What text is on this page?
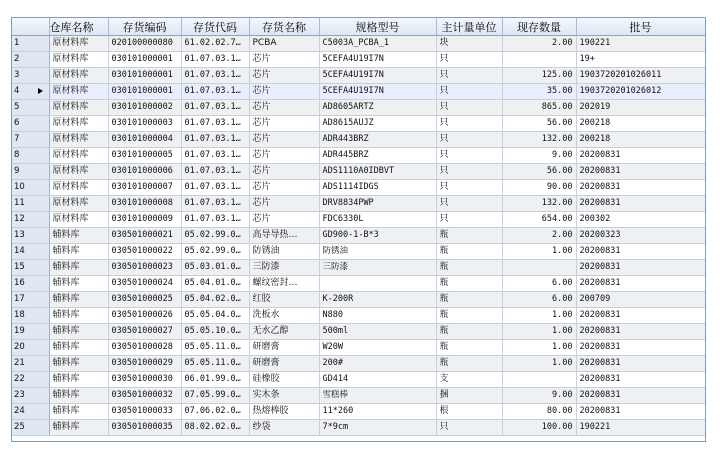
	仓库名称	存货编码	存货代码	存货名称	规格型号	主计量单位	现存数量	批号
1	原材料库	020100000080	61.02.02.7…	PCBA	C5003A_PCBA_1	块	2.00	190221
2	原材料库	030101000001	01.07.03.1…	芯片	5CEFA4U19I7N	只		19+
3	原材料库	030101000001	01.07.03.1…	芯片	5CEFA4U19I7N	只	125.00	1903720201026011
4	原材料库	030101000001	01.07.03.1…	芯片	5CEFA4U19I7N	只	35.00	1903720201026012
5	原材料库	030101000002	01.07.03.1…	芯片	AD8605ARTZ	只	865.00	202019
6	原材料库	030101000003	01.07.03.1…	芯片	AD8615AUJZ	只	56.00	200218
7	原材料库	030101000004	01.07.03.1…	芯片	ADR443BRZ	只	132.00	200218
8	原材料库	030101000005	01.07.03.1…	芯片	ADR445BRZ	只	9.00	20200831
9	原材料库	030101000006	01.07.03.1…	芯片	ADS1110A0IDBVT	只	56.00	20200831
10	原材料库	030101000007	01.07.03.1…	芯片	ADS1114IDGS	只	90.00	20200831
11	原材料库	030101000008	01.07.03.1…	芯片	DRV8834PWP	只	132.00	20200831
12	原材料库	030101000009	01.07.03.1…	芯片	FDC6330L	只	654.00	200302
13	辅料库	030501000021	05.02.99.0…	高导导热…	GD900-1-B*3	瓶	2.00	20200323
14	辅料库	030501000022	05.02.99.0…	防锈油	防锈油	瓶	1.00	20200831
15	辅料库	030501000023	05.03.01.0…	三防漆	三防漆	瓶		20200831
16	辅料库	030501000024	05.04.01.0…	螺纹密封…		瓶	6.00	20200831
17	辅料库	030501000025	05.04.02.0…	红胶	K-200R	瓶	6.00	200709
18	辅料库	030501000026	05.05.04.0…	洗板水	N880	瓶	1.00	20200831
19	辅料库	030501000027	05.05.10.0…	无水乙醇	500ml	瓶	1.00	20200831
20	辅料库	030501000028	05.05.11.0…	研磨膏	W20W	瓶	1.00	20200831
21	辅料库	030501000029	05.05.11.0…	研磨膏	200#	瓶	1.00	20200831
22	辅料库	030501000030	06.01.99.0…	硅橡胶	GD414	支		20200831
23	辅料库	030501000032	07.05.99.0…	实木条	雪糕棒	捆	9.00	20200831
24	辅料库	030501000033	07.06.02.0…	热熔棒胶	11*260	根	80.00	20200831
25	辅料库	030501000035	08.02.02.0…	纱袋	7*9cm	只	100.00	190221
